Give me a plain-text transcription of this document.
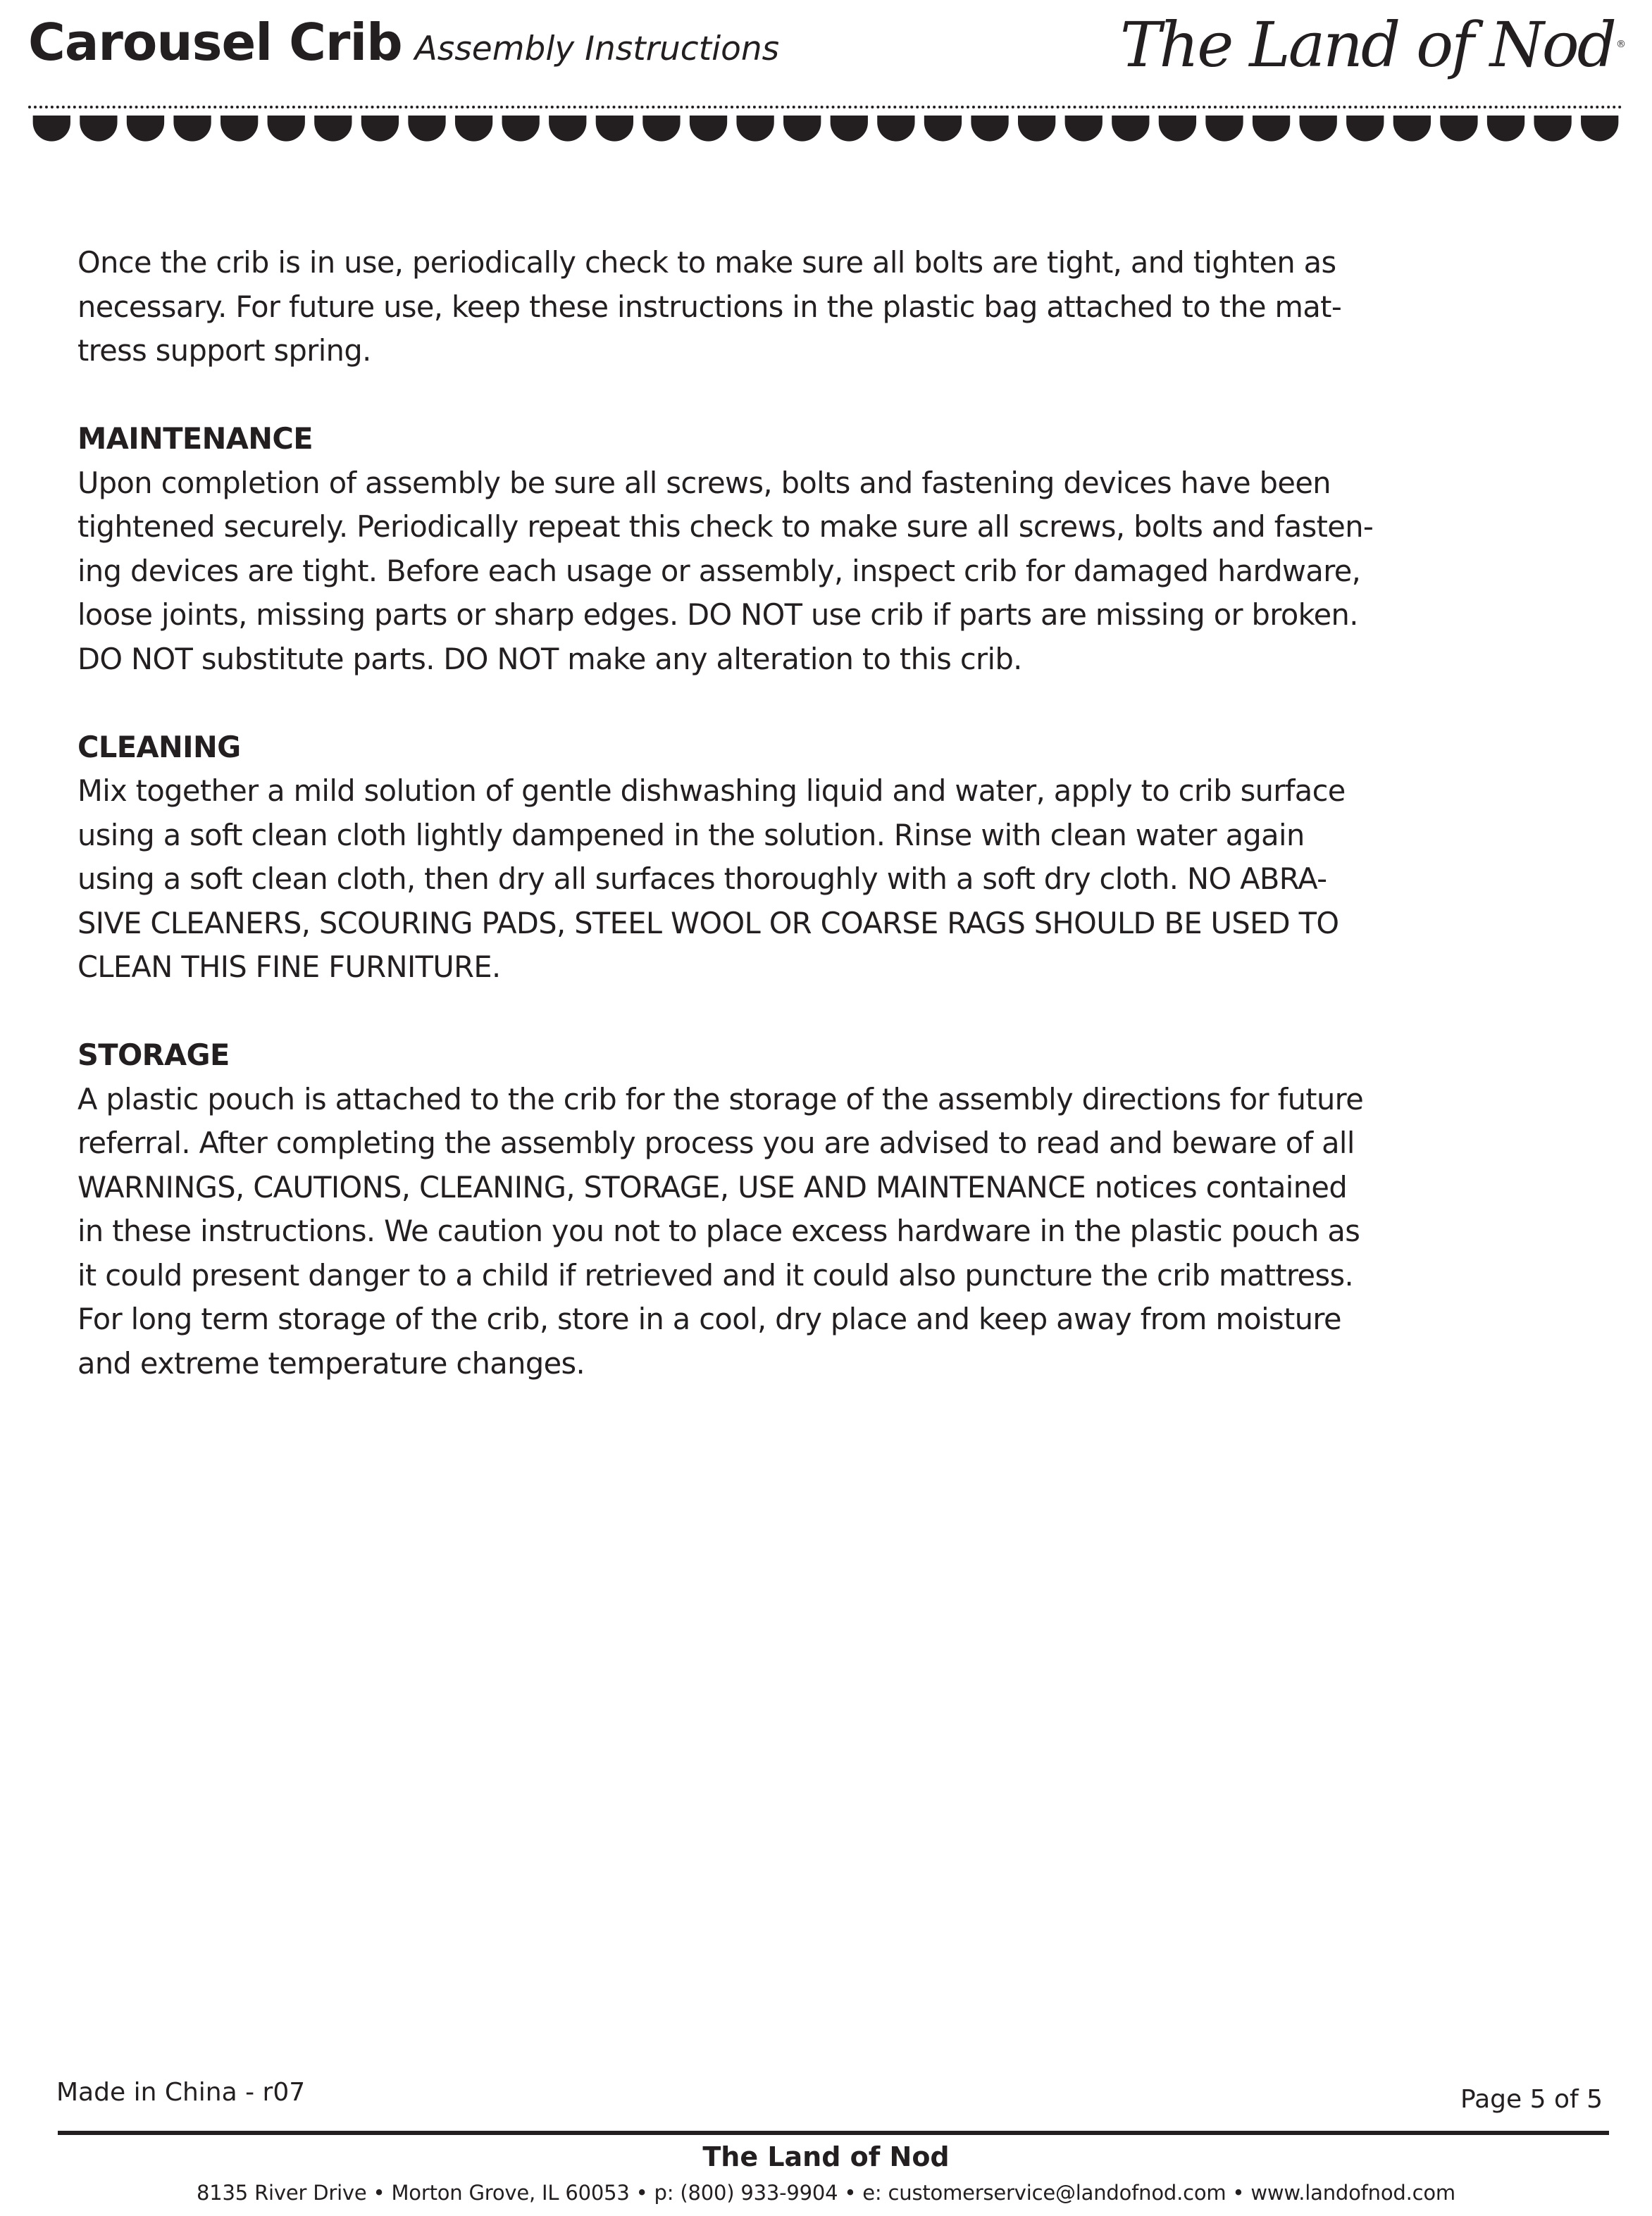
Carousel Crib Assembly Instructions	The Land of Nod ®

Once the crib is in use, periodically check to make sure all bolts are tight, and tighten as
necessary. For future use, keep these instructions in the plastic bag attached to the mat-
tress support spring.

MAINTENANCE

Upon completion of assembly be sure all screws, bolts and fastening devices have been
tightened securely. Periodically repeat this check to make sure all screws, bolts and fasten-
ing devices are tight. Before each usage or assembly, inspect crib for damaged hardware,
loose joints, missing parts or sharp edges. DO NOT use crib if parts are missing or broken.
DO NOT substitute parts. DO NOT make any alteration to this crib.

CLEANING

Mix together a mild solution of gentle dishwashing liquid and water, apply to crib surface
using a soft clean cloth lightly dampened in the solution. Rinse with clean water again
using a soft clean cloth, then dry all surfaces thoroughly with a soft dry cloth. NO ABRA-
SIVE CLEANERS, SCOURING PADS, STEEL WOOL OR COARSE RAGS SHOULD BE USED TO
CLEAN THIS FINE FURNITURE.

STORAGE

A plastic pouch is attached to the crib for the storage of the assembly directions for future
referral. After completing the assembly process you are advised to read and beware of all
WARNINGS, CAUTIONS, CLEANING, STORAGE, USE AND MAINTENANCE notices contained
in these instructions. We caution you not to place excess hardware in the plastic pouch as
it could present danger to a child if retrieved and it could also puncture the crib mattress.
For long term storage of the crib, store in a cool, dry place and keep away from moisture
and extreme temperature changes.

Made in China - r07	Page 5 of 5
The Land of Nod
8135 River Drive • Morton Grove, IL 60053 • p: (800) 933-9904 • e: customerservice@landofnod.com • www.landofnod.com
